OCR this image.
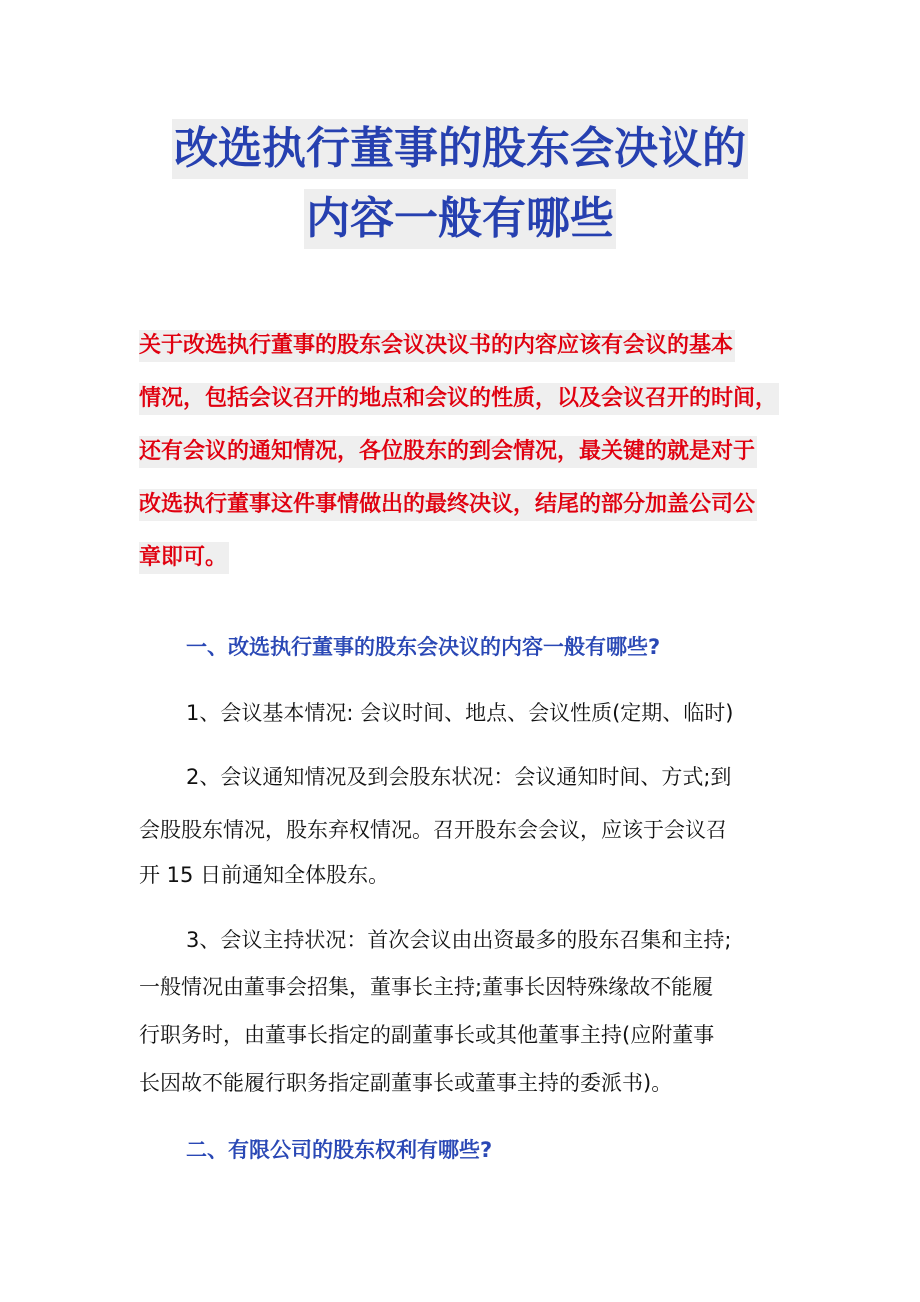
改选执行董事的股东会决议的
内容一般有哪些
关于改选执行董事的股东会议决议书的内容应该有会议的基本
情况，包括会议召开的地点和会议的性质，以及会议召开的时间，
还有会议的通知情况，各位股东的到会情况，最关键的就是对于
改选执行董事这件事情做出的最终决议，结尾的部分加盖公司公
章即可。
一、改选执行董事的股东会决议的内容一般有哪些?
1、会议基本情况: 会议时间、地点、会议性质(定期、临时)
2、会议通知情况及到会股东状况：会议通知时间、方式;到
会股股东情况，股东弃权情况。召开股东会会议，应该于会议召
开 15 日前通知全体股东。
3、会议主持状况：首次会议由出资最多的股东召集和主持;
一般情况由董事会招集，董事长主持;董事长因特殊缘故不能履
行职务时，由董事长指定的副董事长或其他董事主持(应附董事
长因故不能履行职务指定副董事长或董事主持的委派书)。
二、有限公司的股东权利有哪些?
